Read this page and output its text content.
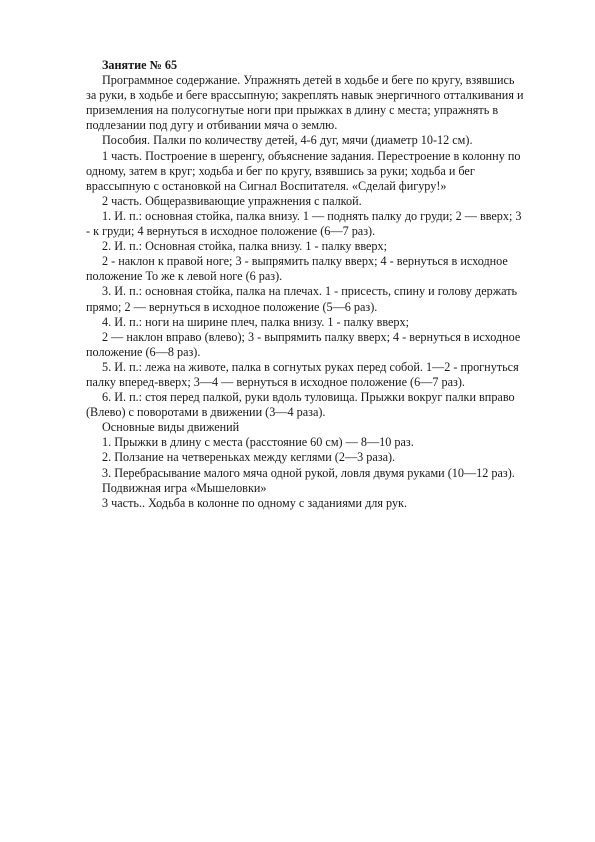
Занятие № 65

Программное содержание. Упражнять детей в ходьбе и беге по кругу, взявшись за руки, в ходьбе и беге врассыпную; закреплять навык энергичного отталкивания и приземления на полусогнутые ноги при прыжках в длину с места; упражнять в подлезании под дугу и отбивании мяча о землю.

Пособия. Палки по количеству детей, 4-6 дуг, мячи (диаметр 10-12 см).

1 часть. Построение в шеренгу, объяснение задания. Перестроение в колонну по одному, затем в круг; ходьба и бег по кругу, взявшись за руки; ходьба и бег врассыпную с остановкой на Сигнал Воспитателя. «Сделай фигуру!»

2 часть. Общеразвивающие упражнения с палкой.

1. И. п.: основная стойка, палка внизу. 1 — поднять палку до груди; 2 — вверх; 3 - к груди; 4 вернуться в исходное положение (6—7 раз).

2. И. п.: Основная стойка, палка внизу. 1 - палку вверх;

2 - наклон к правой ноге; 3 - выпрямить палку вверх; 4 - вернуться в исходное положение То же к левой ноге (6 раз).

3. И. п.: основная стойка, палка на плечах. 1 - присесть, спину и голову держать прямо; 2 — вернуться в исходное положение (5—6 раз).

4. И. п.: ноги на ширине плеч, палка внизу. 1 - палку вверх;

2 — наклон вправо (влево); 3 - выпрямить палку вверх; 4 - вернуться в исходное положение (6—8 раз).

5. И. п.: лежа на животе, палка в согнутых руках перед собой. 1—2 - прогнуться палку вперед-вверх; 3—4 — вернуться в исходное положение (6—7 раз).

6. И. п.: стоя перед палкой, руки вдоль туловища. Прыжки вокруг палки вправо (Влево) с поворотами в движении (3—4 раза).

Основные виды движений

1. Прыжки в длину с места (расстояние 60 см) — 8—10 раз.

2. Ползание на четвереньках между кеглями (2—3 раза).

3. Перебрасывание малого мяча одной рукой, ловля двумя руками (10—12 раз).

Подвижная игра «Мышеловки»

3 часть.. Ходьба в колонне по одному с заданиями для рук.
